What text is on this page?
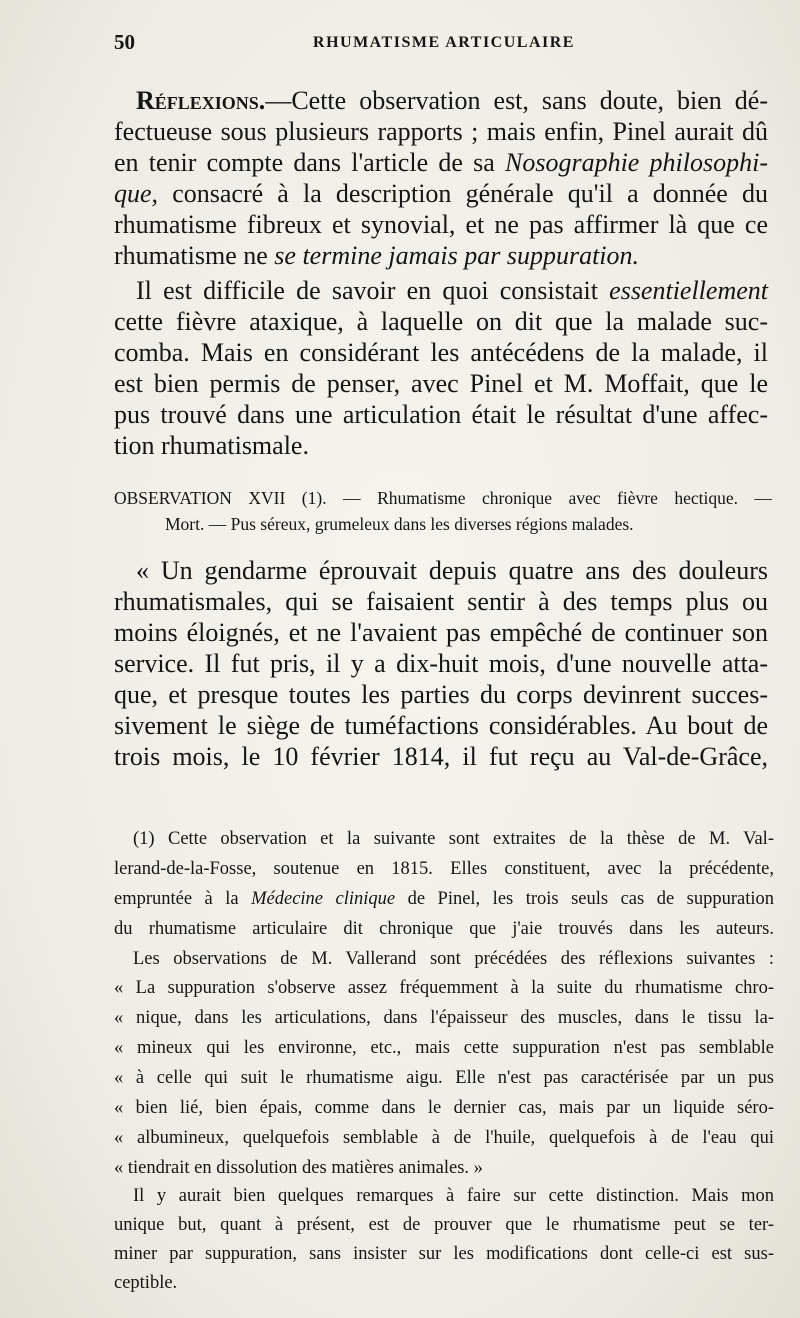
50	RHUMATISME ARTICULAIRE
Réflexions.—Cette observation est, sans doute, bien dé-
fectueuse sous plusieurs rapports ; mais enfin, Pinel aurait dû
en tenir compte dans l'article de sa Nosographie philosophi-
que, consacré à la description générale qu'il a donnée du
rhumatisme fibreux et synovial, et ne pas affirmer là que ce
rhumatisme ne se termine jamais par suppuration.
Il est difficile de savoir en quoi consistait essentiellement
cette fièvre ataxique, à laquelle on dit que la malade suc-
comba. Mais en considérant les antécédens de la malade, il
est bien permis de penser, avec Pinel et M. Moffait, que le
pus trouvé dans une articulation était le résultat d'une affec-
tion rhumatismale.
OBSERVATION XVII (1). — Rhumatisme chronique avec fièvre hectique. —
Mort. — Pus séreux, grumeleux dans les diverses régions malades.
« Un gendarme éprouvait depuis quatre ans des douleurs
rhumatismales, qui se faisaient sentir à des temps plus ou
moins éloignés, et ne l'avaient pas empêché de continuer son
service. Il fut pris, il y a dix-huit mois, d'une nouvelle atta-
que, et presque toutes les parties du corps devinrent succes-
sivement le siège de tuméfactions considérables. Au bout de
trois mois, le 10 février 1814, il fut reçu au Val-de-Grâce,
(1) Cette observation et la suivante sont extraites de la thèse de M. Val-
lerand-de-la-Fosse, soutenue en 1815. Elles constituent, avec la précédente,
empruntée à la Médecine clinique de Pinel, les trois seuls cas de suppuration
du rhumatisme articulaire dit chronique que j'aie trouvés dans les auteurs.
Les observations de M. Vallerand sont précédées des réflexions suivantes :
« La suppuration s'observe assez fréquemment à la suite du rhumatisme chro-
« nique, dans les articulations, dans l'épaisseur des muscles, dans le tissu la-
« mineux qui les environne, etc., mais cette suppuration n'est pas semblable
« à celle qui suit le rhumatisme aigu. Elle n'est pas caractérisée par un pus
« bien lié, bien épais, comme dans le dernier cas, mais par un liquide séro-
« albumineux, quelquefois semblable à de l'huile, quelquefois à de l'eau qui
« tiendrait en dissolution des matières animales. »
Il y aurait bien quelques remarques à faire sur cette distinction. Mais mon
unique but, quant à présent, est de prouver que le rhumatisme peut se ter-
miner par suppuration, sans insister sur les modifications dont celle-ci est sus-
ceptible.
